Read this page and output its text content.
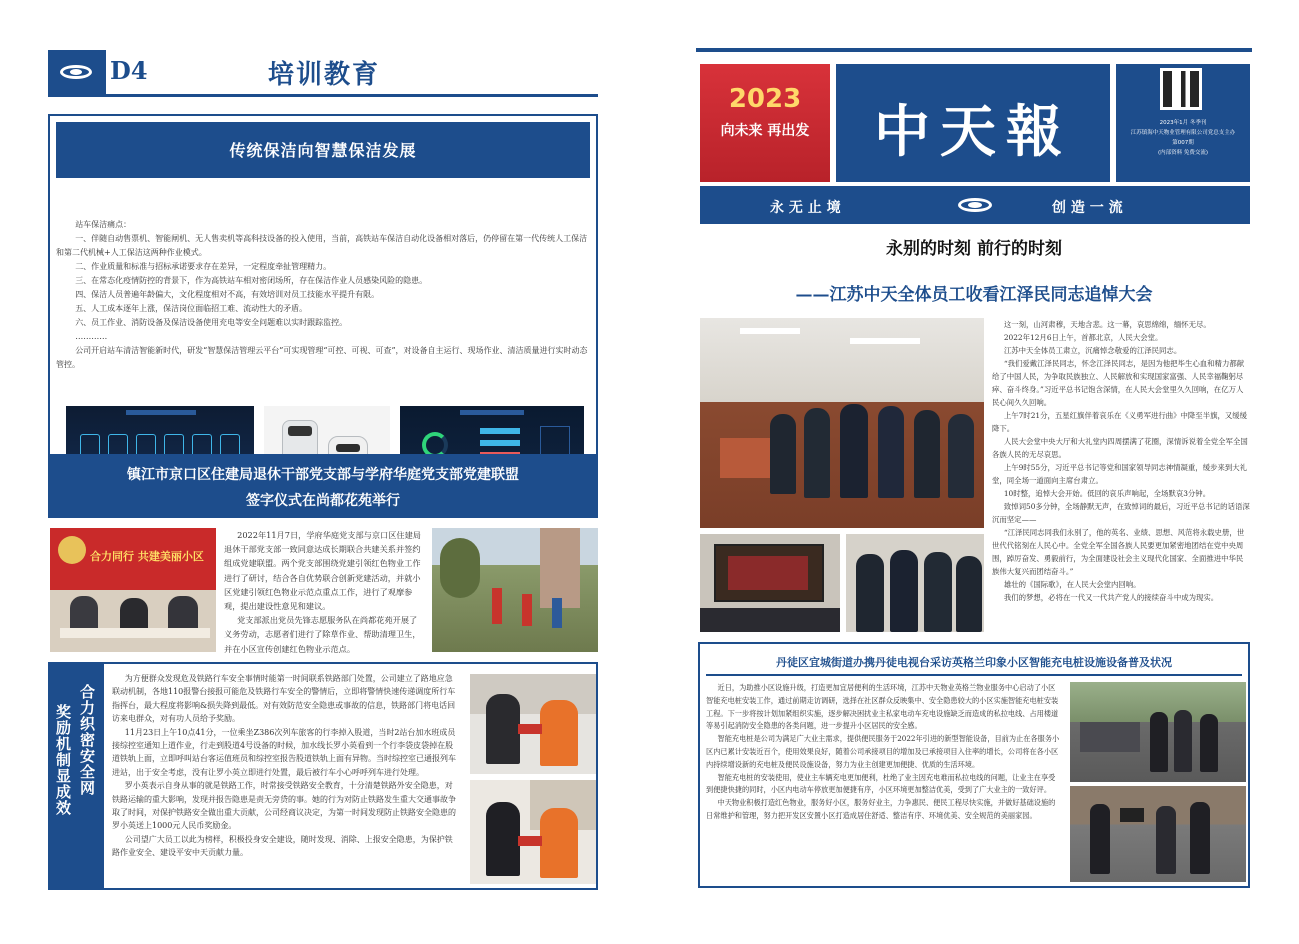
D4	培训教育
传统保洁向智慧保洁发展

站车保洁痛点：

一、伴随自动售票机、智能闸机、无人售卖机等高科技设备的投入使用，当前，高铁站车保洁自动化设备相对落后，仍停留在第一代传统人工保洁和第二代机械+人工保洁这两种作业模式。

二、作业质量和标准与招标承诺要求存在差异，一定程度牵扯管理精力。

三、在常态化疫情防控的背景下，作为高铁站车相对密闭场所，存在保洁作业人员感染风险的隐患。

四、保洁人员普遍年龄偏大，文化程度相对不高，有效培训对员工技能水平提升有限。

五、人工成本逐年上涨，保洁岗位面临招工难、流动性大的矛盾。

六、员工作业、消防设备及保洁设备使用充电等安全问题难以实时跟踪监控。

…………

公司开启站车清洁智能新时代，研发“智慧保洁管理云平台”可实现管理“可控、可视、可查”，对设备自主运行、现场作业、清洁质量进行实时动态管控。

镇江市京口区住建局退休干部党支部与学府华庭党支部党建联盟
签字仪式在尚都花苑举行
合力同行 共建美丽小区

2022年11月7日，学府华庭党支部与京口区住建局退休干部党支部一致同意达成长期联合共建关系并签约组成党建联盟。两个党支部围绕党建引领红色物业工作进行了研讨，结合各自优势联合创新党建活动，并就小区党建引领红色物业示范点重点工作，进行了观摩参观，提出建设性意见和建议。

党支部派出党员先锋志愿服务队在尚都花苑开展了义务劳动，志愿者们进行了除草作业、帮助清理卫生，并在小区宣传创建红色物业示范点。

奖励机制显成效 合力织密安全网

为方便群众发现危及铁路行车安全事情时能第一时间联系铁路部门处置，公司建立了路地应急联动机制，各地110报警台接报可能危及铁路行车安全的警情后，立即将警情快速传递调度所行车指挥台，最大程度将影响&损失降到最低。对有效防范安全隐患或事故的信息，铁路部门将电话回访来电群众，对有功人员给予奖励。

11月23日上午10点41分，一位乘坐Z386次列车旅客的行李掉入股道，当时2站台加水班成员接综控室通知上道作业，行走到股道4号设备的时候，加水线长罗小英看到一个行李袋皮袋掉在股道铁轨上面，立即呼叫站台客运值班员和综控室报告股道铁轨上面有异物。当时综控室已通报列车进站，出于安全考虑，没有让罗小英立即进行处置，最后被行车小心呼呼列车进行处理。

罗小英表示自身从事的就是铁路工作，时常接受铁路安全教育，十分清楚铁路外安全隐患，对铁路运输的重大影响，发现并报告隐患是责无旁贷的事。她的行为对防止铁路发生重大交通事故争取了时间，对保护铁路安全做出重大贡献，公司经商议决定，为第一时间发现防止铁路安全隐患的罗小英送上1000元人民币奖励金。

公司望广大员工以此为榜样，积极投身安全建设，随时发现、消除、上报安全隐患，为保护铁路作业安全、建设平安中天贡献力量。

2023
向未来 再出发	中天報	2023年1月 冬季刊
江苏镇海中天物业管理有限公司党总支主办
第007期
(内部资料 免费交流)
永 无 止 境	创 造 一 流
永别的时刻 前行的时刻
——江苏中天全体员工收看江泽民同志追悼大会

这一刻，山河肃穆，天地含悲。这一幕，哀思绵绵，缅怀无尽。

2022年12月6日上午，首都北京，人民大会堂。

江苏中天全体员工肃立，沉痛悼念敬爱的江泽民同志。

“我们爱戴江泽民同志，怀念江泽民同志，是因为他把毕生心血和精力都献给了中国人民，为争取民族独立、人民解放和实现国家富强、人民幸福鞠躬尽瘁、奋斗终身。”习近平总书记饱含深情，在人民大会堂里久久回响，在亿万人民心间久久回响。

上午7时21分，五星红旗伴着哀乐在《义勇军进行曲》中降至半旗，又缓缓降下。

人民大会堂中央大厅和大礼堂内四周摆满了花圈，深情诉说着全党全军全国各族人民的无尽哀思。

上午9时55分，习近平总书记等党和国家领导同志神情凝重，缓步来到大礼堂，同全场一道面向主席台肃立。

10时整，追悼大会开始。低回的哀乐声响起，全场默哀3分钟。

致悼词50多分钟，全场静默无声，在致悼词的最后，习近平总书记的话语深沉而坚定——

“江泽民同志同我们永别了，他的英名、业绩、思想、风范将永载史册，世世代代铭刻在人民心中。全党全军全国各族人民要更加紧密地团结在党中央周围，踔厉奋发、勇毅前行，为全面建设社会主义现代化国家、全面推进中华民族伟大复兴而团结奋斗。”

雄壮的《国际歌》，在人民大会堂内回响。

我们的梦想，必将在一代又一代共产党人的接续奋斗中成为现实。

丹徒区宜城街道办携丹徒电视台采访英格兰印象小区智能充电桩设施设备普及状况

近日，为助推小区设施升级，打造更加宜居便利的生活环境，江苏中天物业英格兰物业服务中心启动了小区智能充电桩安装工作，通过前期走访调研，选择在社区群众反映集中、安全隐患较大的小区实施智能充电桩安装工程。下一步将按计划加紧组织实施，逐步解决困扰业主私家电动车充电设施缺乏而造成的私拉电线、占用楼道等易引起消防安全隐患的各类问题，进一步提升小区居民的安全感。

智能充电桩是公司为满足广大业主需求，提供便民服务于2022年引进的新型智能设备，目前为止在各服务小区内已累计安装近百个，使用效果良好，随着公司承接项目的增加及已承接项目入住率的增长，公司将在各小区内持续增设新的充电桩及便民设施设备，努力为业主创建更加便捷、优质的生活环境。

智能充电桩的安装使用，使业主车辆充电更加便利，杜绝了业主因充电难而私拉电线的问题，让业主在享受到便捷快捷的同时，小区内电动车停放更加便捷有序，小区环境更加整洁优美，受到了广大业主的一致好评。

中天物业积极打造红色物业，服务好小区，服务好业主，力争惠民、便民工程尽快实施，并做好基础设施的日常维护和管理，努力把开发区安置小区打造成居住舒适、整洁有序、环境优美、安全规范的美丽家园。
